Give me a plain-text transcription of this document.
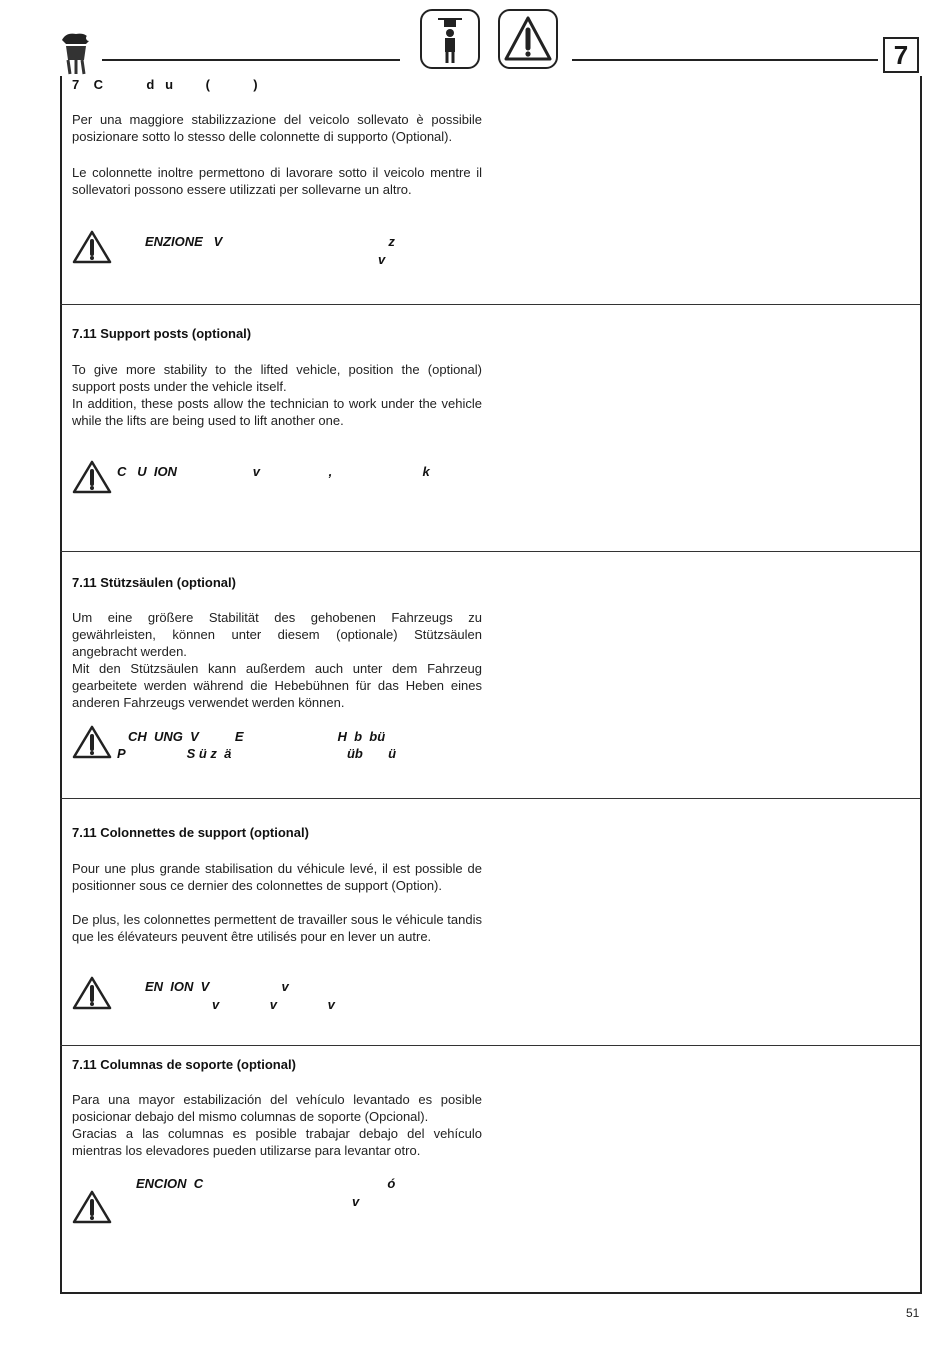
7
7    C            d   u         (            )

Per una maggiore stabilizzazione del veicolo sollevato è possibile posizionare sotto lo stesso delle colonnette di supporto (Optional).

Le colonnette inoltre permettono di lavorare sotto il veicolo mentre il sollevatori possono essere utilizzati per sollevarne un altro.

ENZIONE   V                                              z
v
7.11 Support posts (optional)

To give more stability to the lifted vehicle, position the (optional) support posts under the vehicle itself.

In addition, these posts allow the technician to work under the vehicle while the lifts are being used to lift another one.

C   U  ION                     v                   ,                         k
7.11 Stützsäulen (optional)

Um eine größere Stabilität des gehobenen Fahrzeugs zu gewährleisten, können unter diesem (optionale) Stützsäulen angebracht werden.

Mit den Stützsäulen kann außerdem auch unter dem Fahrzeug gearbeitete werden während die Hebebühnen für das Heben eines anderen Fahrzeugs verwendet werden können.

CH  UNG  V          E                          H  b  bü
P                 S ü z  ä                                üb       ü
7.11 Colonnettes de support (optional)

Pour une plus grande stabilisation du véhicule levé, il est possible de positionner sous ce dernier des colonnettes de support (Option).

De plus, les colonnettes permettent de travailler sous le véhicule tandis que les élévateurs peuvent être utilisés pour en lever un autre.

EN  ION  V                    v
v              v              v
7.11 Columnas de soporte (optional)

Para una mayor estabilización del vehículo levantado es posible posicionar debajo del mismo columnas de soporte (Opcional).

Gracias a las columnas es posible trabajar debajo del vehículo mientras los elevadores pueden utilizarse para levantar otro.

ENCION  C                                                   ó
v
51
